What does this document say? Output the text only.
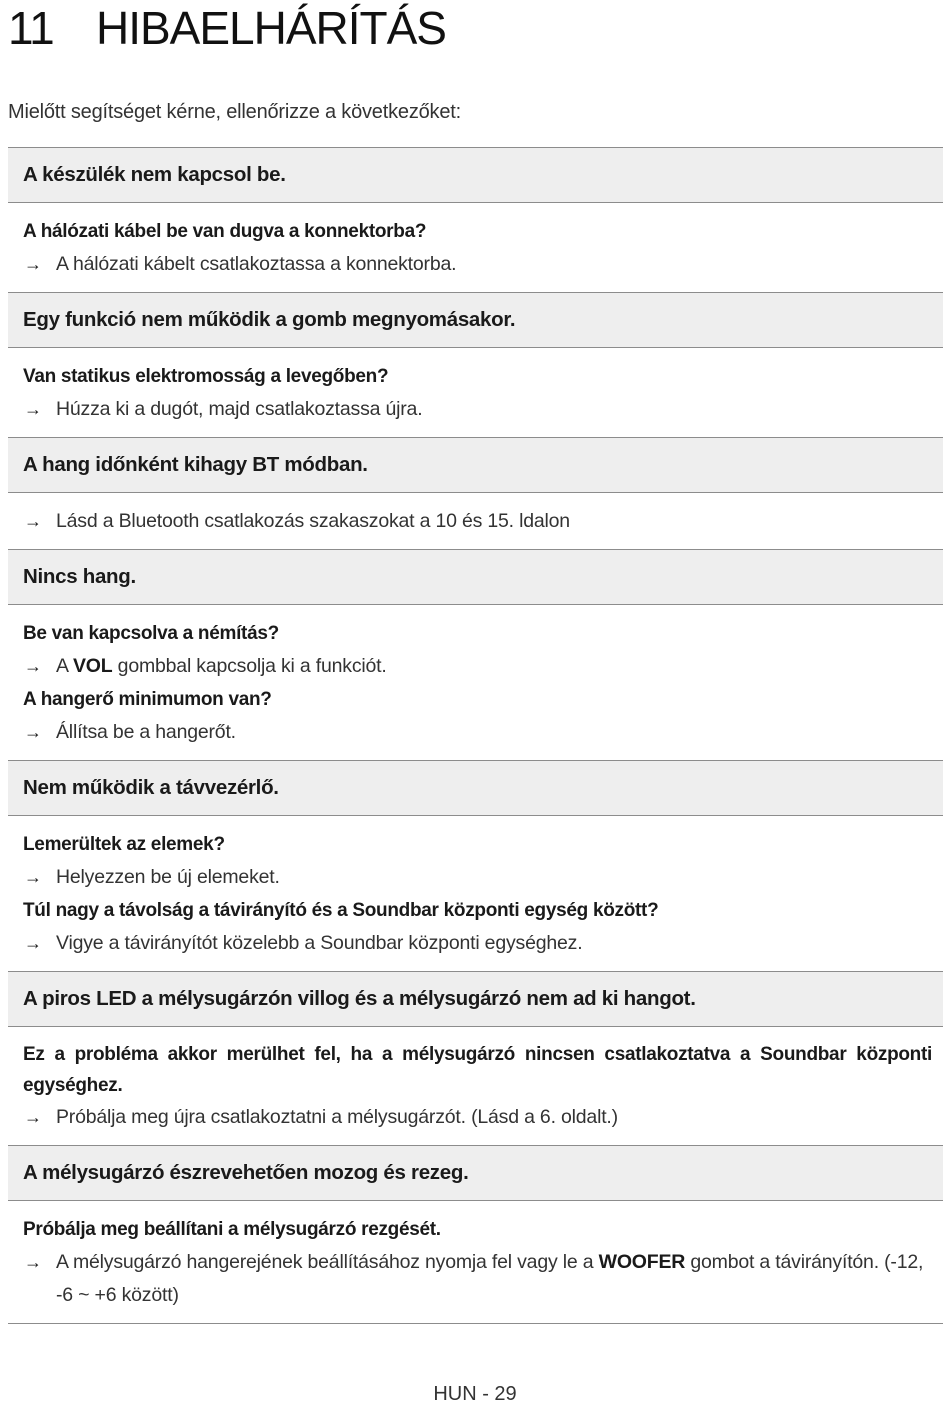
11 HIBAELHÁRÍTÁS
Mielőtt segítséget kérne, ellenőrizze a következőket:
A készülék nem kapcsol be.
A hálózati kábel be van dugva a konnektorba?
→ A hálózati kábelt csatlakoztassa a konnektorba.
Egy funkció nem működik a gomb megnyomásakor.
Van statikus elektromosság a levegőben?
→ Húzza ki a dugót, majd csatlakoztassa újra.
A hang időnként kihagy BT módban.
→ Lásd a Bluetooth csatlakozás szakaszokat a 10 és 15. ldalon
Nincs hang.
Be van kapcsolva a némítás?
→ A VOL gombbal kapcsolja ki a funkciót.
A hangerő minimumon van?
→ Állítsa be a hangerőt.
Nem működik a távvezérlő.
Lemerültek az elemek?
→ Helyezzen be új elemeket.
Túl nagy a távolság a távirányító és a Soundbar központi egység között?
→ Vigye a távirányítót közelebb a Soundbar központi egységhez.
A piros LED a mélysugárzón villog és a mélysugárzó nem ad ki hangot.
Ez a probléma akkor merülhet fel, ha a mélysugárzó nincsen csatlakoztatva a Soundbar központi egységhez.
→ Próbálja meg újra csatlakoztatni a mélysugárzót. (Lásd a 6. oldalt.)
A mélysugárzó észrevehetően mozog és rezeg.
Próbálja meg beállítani a mélysugárzó rezgését.
→ A mélysugárzó hangerejének beállításához nyomja fel vagy le a WOOFER gombot a távirányítón. (-12, -6 ~ +6 között)
HUN - 29
